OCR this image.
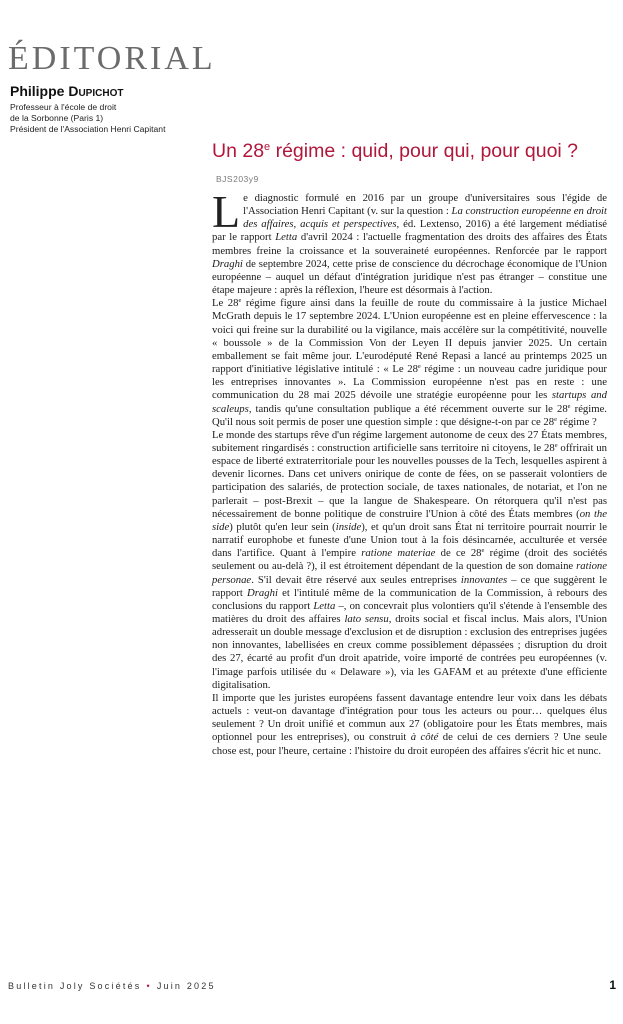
ÉDITORIAL
Philippe Dupichot
Professeur à l'école de droit
de la Sorbonne (Paris 1)
Président de l'Association Henri Capitant
Un 28e régime : quid, pour qui, pour quoi ?BJS203y9

Le diagnostic formulé en 2016 par un groupe d'universitaires sous l'égide de l'Association Henri Capitant (v. sur la question : La construction européenne en droit des affaires, acquis et perspectives, éd. Lextenso, 2016) a été largement médiatisé par le rapport Letta d'avril 2024 : l'actuelle fragmentation des droits des affaires des États membres freine la croissance et la souveraineté européennes. Renforcée par le rapport Draghi de septembre 2024, cette prise de conscience du décrochage économique de l'Union européenne – auquel un défaut d'intégration juridique n'est pas étranger – constitue une étape majeure : après la réflexion, l'heure est désormais à l'action.

Le 28e régime figure ainsi dans la feuille de route du commissaire à la justice Michael McGrath depuis le 17 septembre 2024. L'Union européenne est en pleine effervescence : la voici qui freine sur la durabilité ou la vigilance, mais accélère sur la compétitivité, nouvelle « boussole » de la Commission Von der Leyen II depuis janvier 2025. Un certain emballement se fait même jour. L'eurodéputé René Repasi a lancé au printemps 2025 un rapport d'initiative législative intitulé : « Le 28e régime : un nouveau cadre juridique pour les entreprises innovantes ». La Commission européenne n'est pas en reste : une communication du 28 mai 2025 dévoile une stratégie européenne pour les startups and scaleups, tandis qu'une consultation publique a été récemment ouverte sur le 28e régime. Qu'il nous soit permis de poser une question simple : que désigne-t-on par ce 28e régime ?

Le monde des startups rêve d'un régime largement autonome de ceux des 27 États membres, subitement ringardisés : construction artificielle sans territoire ni citoyens, le 28e offrirait un espace de liberté extraterritoriale pour les nouvelles pousses de la Tech, lesquelles aspirent à devenir licornes. Dans cet univers onirique de conte de fées, on se passerait volontiers de participation des salariés, de protection sociale, de taxes nationales, de notariat, et l'on ne parlerait – post-Brexit – que la langue de Shakespeare. On rétorquera qu'il n'est pas nécessairement de bonne politique de construire l'Union à côté des États membres (on the side) plutôt qu'en leur sein (inside), et qu'un droit sans État ni territoire pourrait nourrir le narratif europhobe et funeste d'une Union tout à la fois désincarnée, acculturée et versée dans l'artifice. Quant à l'empire ratione materiae de ce 28e régime (droit des sociétés seulement ou au-delà ?), il est étroitement dépendant de la question de son domaine ratione personae. S'il devait être réservé aux seules entreprises innovantes – ce que suggèrent le rapport Draghi et l'intitulé même de la communication de la Commission, à rebours des conclusions du rapport Letta –, on concevrait plus volontiers qu'il s'étende à l'ensemble des matières du droit des affaires lato sensu, droits social et fiscal inclus. Mais alors, l'Union adresserait un double message d'exclusion et de disruption : exclusion des entreprises jugées non innovantes, labellisées en creux comme possiblement dépassées ; disruption du droit des 27, écarté au profit d'un droit apatride, voire importé de contrées peu européennes (v. l'image parfois utilisée du « Delaware »), via les GAFAM et au prétexte d'une efficiente digitalisation.

Il importe que les juristes européens fassent davantage entendre leur voix dans les débats actuels : veut-on davantage d'intégration pour tous les acteurs ou pour… quelques élus seulement ? Un droit unifié et commun aux 27 (obligatoire pour les États membres, mais optionnel pour les entreprises), ou construit à côté de celui de ces derniers ? Une seule chose est, pour l'heure, certaine : l'histoire du droit européen des affaires s'écrit hic et nunc.

Bulletin Joly Sociétés • Juin 2025	1
